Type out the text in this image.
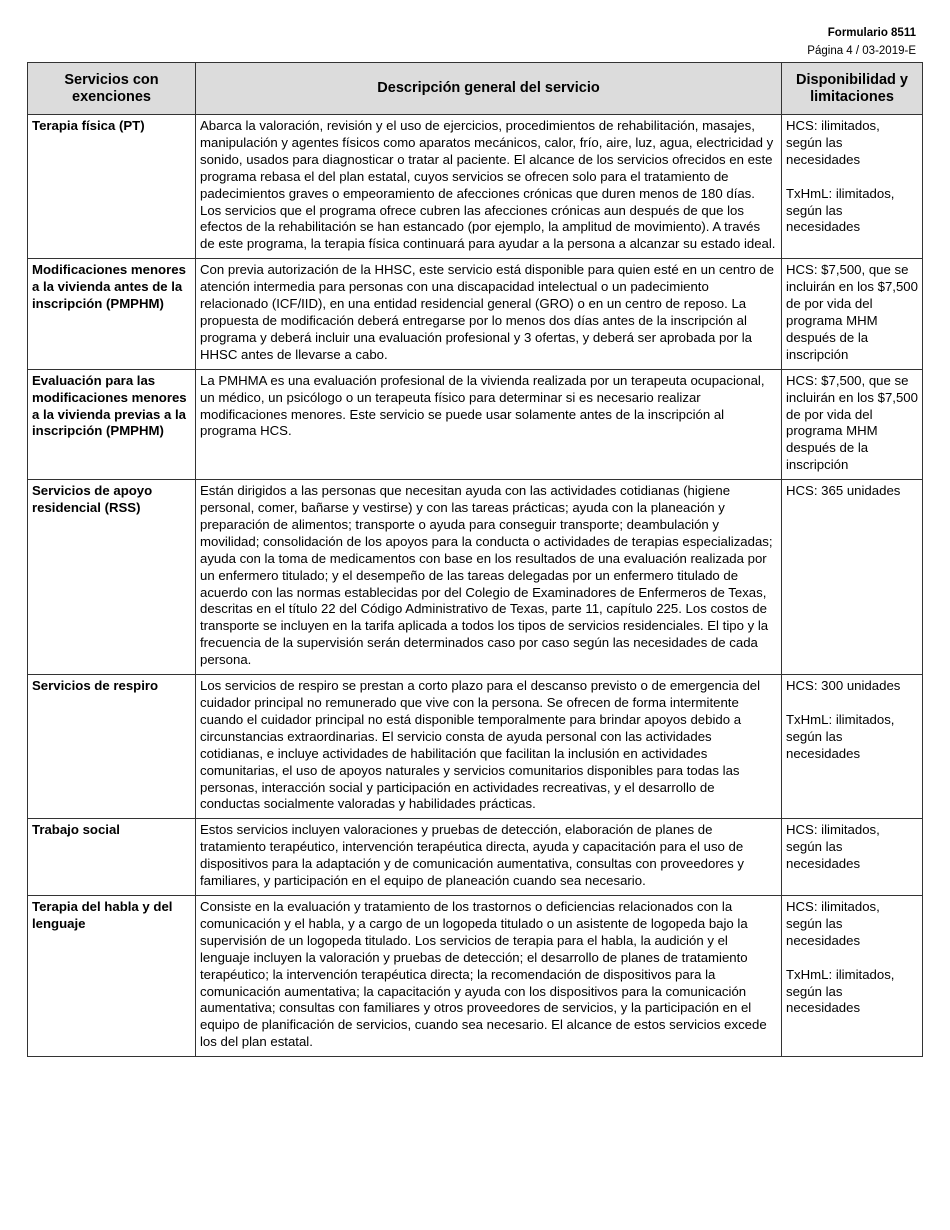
Formulario 8511
Página 4 / 03-2019-E
Servicios con exenciones	Descripción general del servicio	Disponibilidad y limitaciones
Terapia física (PT)	Abarca la valoración, revisión y el uso de ejercicios, procedimientos de rehabilitación, masajes, manipulación y agentes físicos como aparatos mecánicos, calor, frío, aire, luz, agua, electricidad y sonido, usados para diagnosticar o tratar al paciente. El alcance de los servicios ofrecidos en este programa rebasa el del plan estatal, cuyos servicios se ofrecen solo para el tratamiento de padecimientos graves o empeoramiento de afecciones crónicas que duren menos de 180 días. Los servicios que el programa ofrece cubren las afecciones crónicas aun después de que los efectos de la rehabilitación se han estancado (por ejemplo, la amplitud de movimiento). A través de este programa, la terapia física continuará para ayudar a la persona a alcanzar su estado ideal.	HCS: ilimitados, según las necesidades

TxHmL: ilimitados, según las necesidades
Modificaciones menores a la vivienda antes de la inscripción (PMPHM)	Con previa autorización de la HHSC, este servicio está disponible para quien esté en un centro de atención intermedia para personas con una discapacidad intelectual o un padecimiento relacionado (ICF/IID), en una entidad residencial general (GRO) o en un centro de reposo. La propuesta de modificación deberá entregarse por lo menos dos días antes de la inscripción al programa y deberá incluir una evaluación profesional y 3 ofertas, y deberá ser aprobada por la HHSC antes de llevarse a cabo.	HCS: $7,500, que se incluirán en los $7,500 de por vida del programa MHM después de la inscripción
Evaluación para las modificaciones menores a la vivienda previas a la inscripción (PMPHM)	La PMHMA es una evaluación profesional de la vivienda realizada por un terapeuta ocupacional, un médico, un psicólogo o un terapeuta físico para determinar si es necesario realizar modificaciones menores. Este servicio se puede usar solamente antes de la inscripción al programa HCS.	HCS: $7,500, que se incluirán en los $7,500 de por vida del programa MHM después de la inscripción
Servicios de apoyo residencial (RSS)	Están dirigidos a las personas que necesitan ayuda con las actividades cotidianas (higiene personal, comer, bañarse y vestirse) y con las tareas prácticas; ayuda con la planeación y preparación de alimentos; transporte o ayuda para conseguir transporte; deambulación y movilidad; consolidación de los apoyos para la conducta o actividades de terapias especializadas; ayuda con la toma de medicamentos con base en los resultados de una evaluación realizada por un enfermero titulado; y el desempeño de las tareas delegadas por un enfermero titulado de acuerdo con las normas establecidas por del Colegio de Examinadores de Enfermeros de Texas, descritas en el título 22 del Código Administrativo de Texas, parte 11, capítulo 225. Los costos de transporte se incluyen en la tarifa aplicada a todos los tipos de servicios residenciales. El tipo y la frecuencia de la supervisión serán determinados caso por caso según las necesidades de cada persona.	HCS: 365 unidades
Servicios de respiro	Los servicios de respiro se prestan a corto plazo para el descanso previsto o de emergencia del cuidador principal no remunerado que vive con la persona. Se ofrecen de forma intermitente cuando el cuidador principal no está disponible temporalmente para brindar apoyos debido a circunstancias extraordinarias. El servicio consta de ayuda personal con las actividades cotidianas, e incluye actividades de habilitación que facilitan la inclusión en actividades comunitarias, el uso de apoyos naturales y servicios comunitarios disponibles para todas las personas, interacción social y participación en actividades recreativas, y el desarrollo de conductas socialmente valoradas y habilidades prácticas.	HCS: 300 unidades

TxHmL: ilimitados, según las necesidades
Trabajo social	Estos servicios incluyen valoraciones y pruebas de detección, elaboración de planes de tratamiento terapéutico, intervención terapéutica directa, ayuda y capacitación para el uso de dispositivos para la adaptación y de comunicación aumentativa, consultas con proveedores y familiares, y participación en el equipo de planeación cuando sea necesario.	HCS: ilimitados, según las necesidades
Terapia del habla y del lenguaje	Consiste en la evaluación y tratamiento de los trastornos o deficiencias relacionados con la comunicación y el habla, y a cargo de un logopeda titulado o un asistente de logopeda bajo la supervisión de un logopeda titulado. Los servicios de terapia para el habla, la audición y el lenguaje incluyen la valoración y pruebas de detección; el desarrollo de planes de tratamiento terapéutico; la intervención terapéutica directa; la recomendación de dispositivos para la comunicación aumentativa; la capacitación y ayuda con los dispositivos para la comunicación aumentativa; consultas con familiares y otros proveedores de servicios, y la participación en el equipo de planificación de servicios, cuando sea necesario. El alcance de estos servicios excede los del plan estatal.	HCS: ilimitados, según las necesidades

TxHmL: ilimitados, según las necesidades
